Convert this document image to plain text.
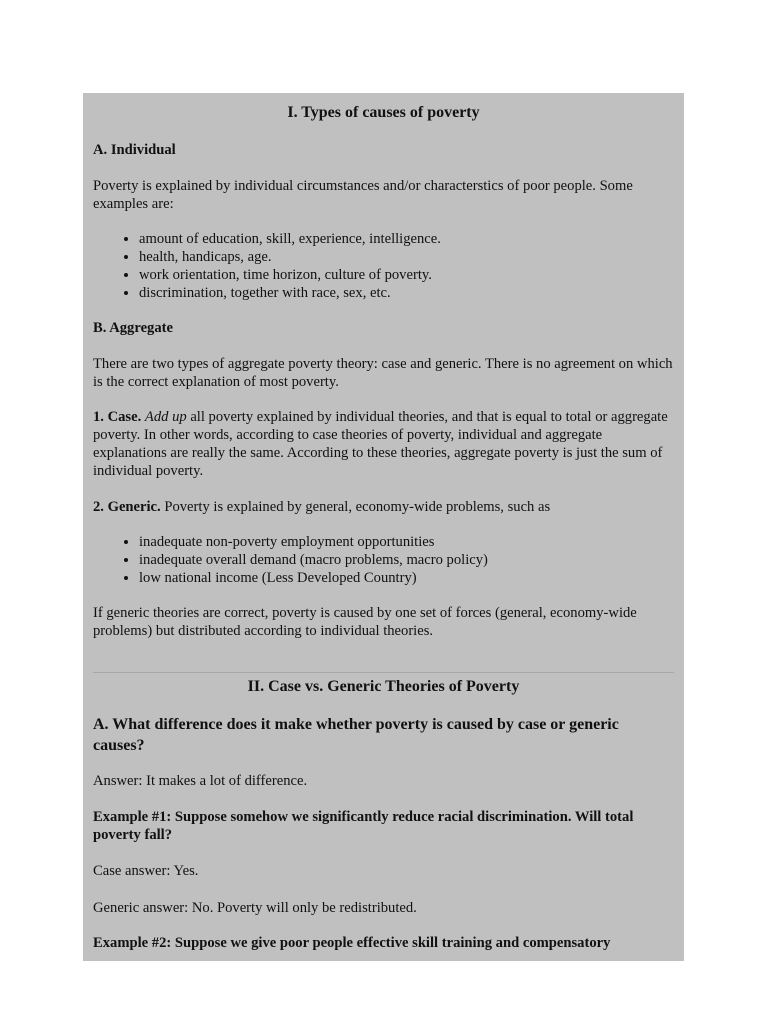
I. Types of causes of poverty

A. Individual

Poverty is explained by individual circumstances and/or characterstics of poor people. Some examples are:

• amount of education, skill, experience, intelligence.
• health, handicaps, age.
• work orientation, time horizon, culture of poverty.
• discrimination, together with race, sex, etc.

B. Aggregate

There are two types of aggregate poverty theory: case and generic. There is no agreement on which is the correct explanation of most poverty.

1. Case. Add up all poverty explained by individual theories, and that is equal to total or aggregate poverty. In other words, according to case theories of poverty, individual and aggregate explanations are really the same. According to these theories, aggregate poverty is just the sum of individual poverty.

2. Generic. Poverty is explained by general, economy-wide problems, such as

• inadequate non-poverty employment opportunities
• inadequate overall demand (macro problems, macro policy)
• low national income (Less Developed Country)

If generic theories are correct, poverty is caused by one set of forces (general, economy-wide problems) but distributed according to individual theories.

II. Case vs. Generic Theories of Poverty
A. What difference does it make whether poverty is caused by case or generic causes?

Answer: It makes a lot of difference.

Example #1: Suppose somehow we significantly reduce racial discrimination. Will total poverty fall?

Case answer: Yes.

Generic answer: No. Poverty will only be redistributed.

Example #2: Suppose we give poor people effective skill training and compensatory
